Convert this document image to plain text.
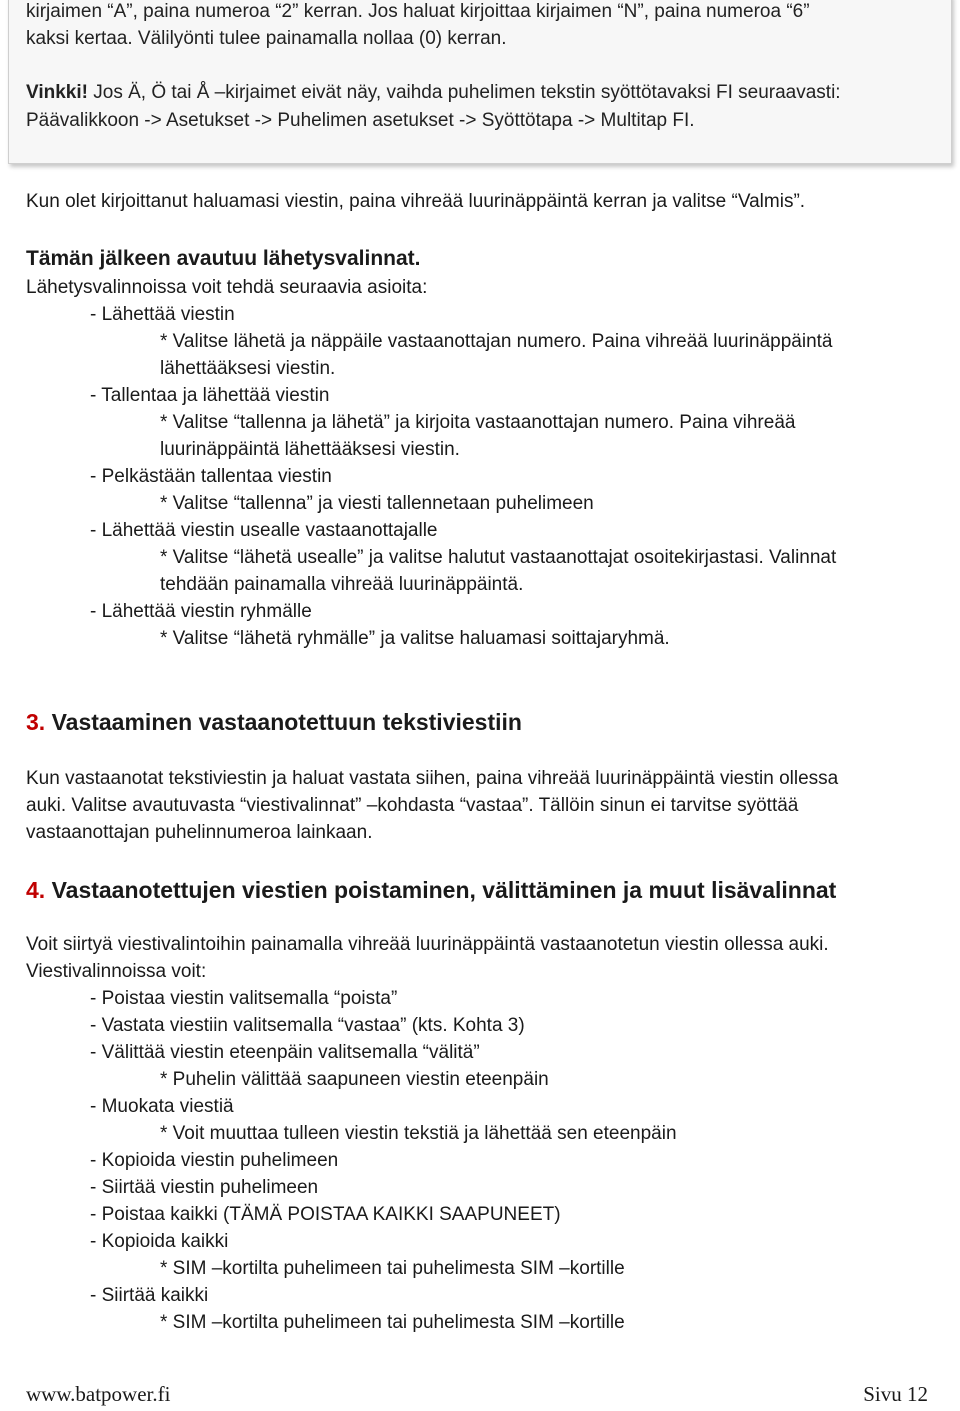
kirjaimen “A”, paina numeroa “2” kerran. Jos haluat kirjoittaa kirjaimen “N”, paina numeroa “6”
kaksi kertaa. Välilyönti tulee painamalla nollaa (0) kerran.
Vinkki! Jos Ä, Ö tai Å –kirjaimet eivät näy, vaihda puhelimen tekstin syöttötavaksi FI seuraavasti:
Päävalikkoon -> Asetukset -> Puhelimen asetukset -> Syöttötapa -> Multitap FI.
Kun olet kirjoittanut haluamasi viestin, paina vihreää luurinäppäintä kerran ja valitse “Valmis”.
Tämän jälkeen avautuu lähetysvalinnat.
Lähetysvalinnoissa voit tehdä seuraavia asioita:
- Lähettää viestin
* Valitse lähetä ja näppäile vastaanottajan numero. Paina vihreää luurinäppäintä
lähettääksesi viestin.
- Tallentaa ja lähettää viestin
* Valitse “tallenna ja lähetä” ja kirjoita vastaanottajan numero. Paina vihreää
luurinäppäintä lähettääksesi viestin.
- Pelkästään tallentaa viestin
* Valitse “tallenna” ja viesti tallennetaan puhelimeen
- Lähettää viestin usealle vastaanottajalle
* Valitse “lähetä usealle” ja valitse halutut vastaanottajat osoitekirjastasi. Valinnat
tehdään painamalla vihreää luurinäppäintä.
- Lähettää viestin ryhmälle
* Valitse “lähetä ryhmälle” ja valitse haluamasi soittajaryhmä.
3. Vastaaminen vastaanotettuun tekstiviestiin
Kun vastaanotat tekstiviestin ja haluat vastata siihen, paina vihreää luurinäppäintä viestin ollessa
auki. Valitse avautuvasta “viestivalinnat” –kohdasta “vastaa”. Tällöin sinun ei tarvitse syöttää
vastaanottajan puhelinnumeroa lainkaan.
4. Vastaanotettujen viestien poistaminen, välittäminen ja muut lisävalinnat
Voit siirtyä viestivalintoihin painamalla vihreää luurinäppäintä vastaanotetun viestin ollessa auki.
Viestivalinnoissa voit:
- Poistaa viestin valitsemalla “poista”
- Vastata viestiin valitsemalla “vastaa” (kts. Kohta 3)
- Välittää viestin eteenpäin valitsemalla “välitä”
* Puhelin välittää saapuneen viestin eteenpäin
- Muokata viestiä
* Voit muuttaa tulleen viestin tekstiä ja lähettää sen eteenpäin
- Kopioida viestin puhelimeen
- Siirtää viestin puhelimeen
- Poistaa kaikki (TÄMÄ POISTAA KAIKKI SAAPUNEET)
- Kopioida kaikki
* SIM –kortilta puhelimeen tai puhelimesta SIM –kortille
- Siirtää kaikki
* SIM –kortilta puhelimeen tai puhelimesta SIM –kortille
www.batpower.fi	Sivu 12
